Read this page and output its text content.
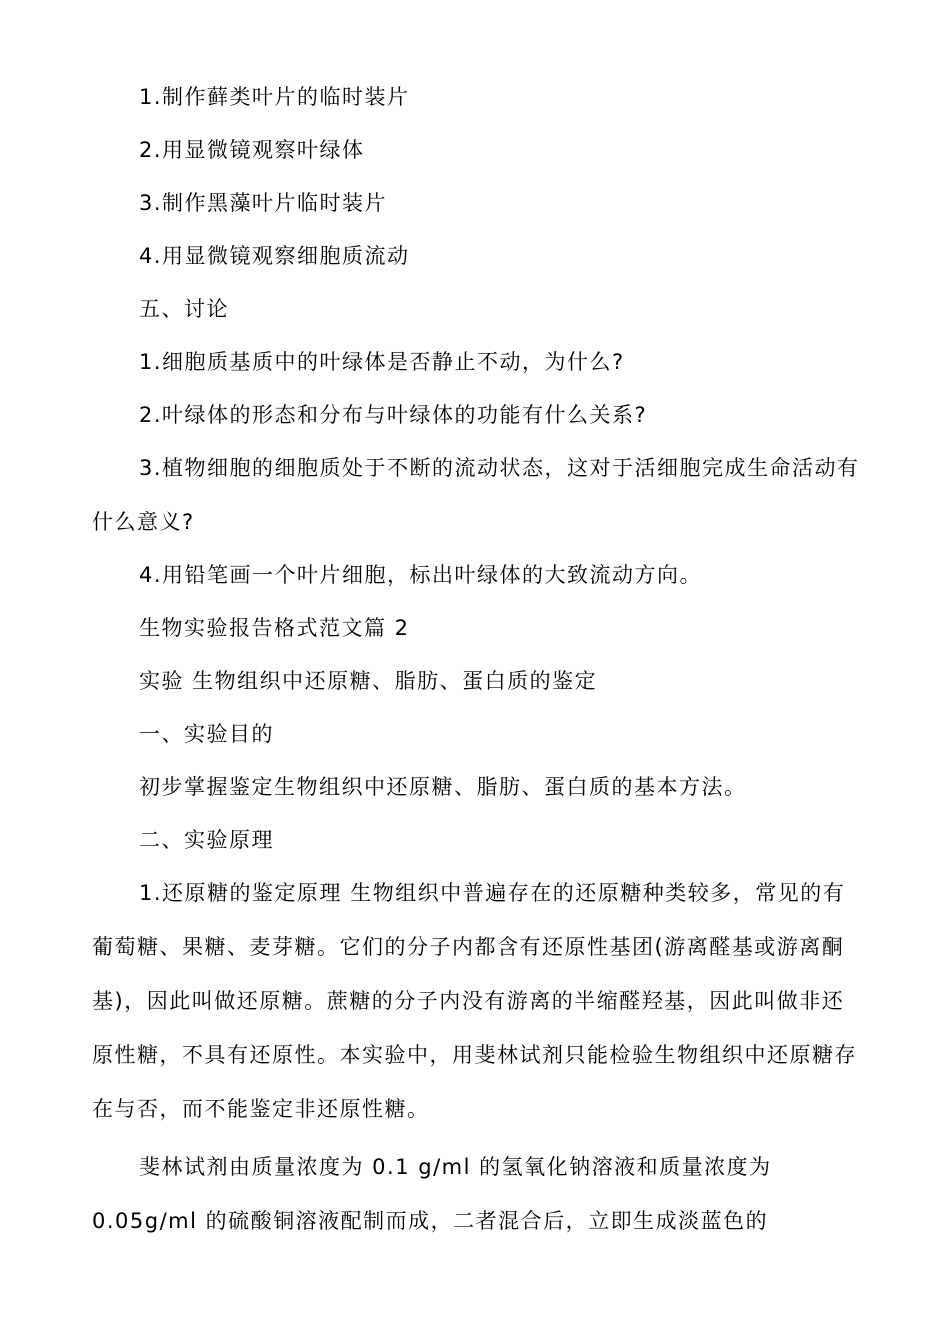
1.制作藓类叶片的临时装片

2.用显微镜观察叶绿体

3.制作黑藻叶片临时装片

4.用显微镜观察细胞质流动

五、讨论

1.细胞质基质中的叶绿体是否静止不动，为什么?

2.叶绿体的形态和分布与叶绿体的功能有什么关系?

3.植物细胞的细胞质处于不断的流动状态，这对于活细胞完成生命活动有什么意义?

4.用铅笔画一个叶片细胞，标出叶绿体的大致流动方向。

生物实验报告格式范文篇 2

实验 生物组织中还原糖、脂肪、蛋白质的鉴定

一、实验目的

初步掌握鉴定生物组织中还原糖、脂肪、蛋白质的基本方法。

二、实验原理

1.还原糖的鉴定原理 生物组织中普遍存在的还原糖种类较多，常见的有葡萄糖、果糖、麦芽糖。它们的分子内都含有还原性基团(游离醛基或游离酮基)，因此叫做还原糖。蔗糖的分子内没有游离的半缩醛羟基，因此叫做非还原性糖，不具有还原性。本实验中，用斐林试剂只能检验生物组织中还原糖存在与否，而不能鉴定非还原性糖。

斐林试剂由质量浓度为 0.1 g/ml 的氢氧化钠溶液和质量浓度为 0.05g/ml 的硫酸铜溶液配制而成，二者混合后，立即生成淡蓝色的
